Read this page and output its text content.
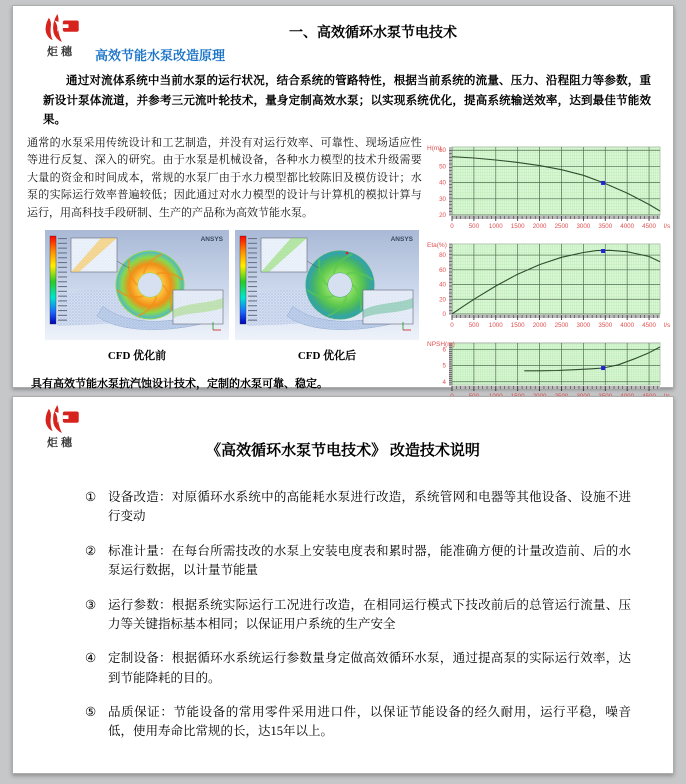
炬穗
一、高效循环水泵节电技术
高效节能水泵改造原理
通过对流体系统中当前水泵的运行状况，结合系统的管路特性，根据当前系统的流量、压力、沿程阻力等参数，重新设计泵体流道，并参考三元流叶轮技术，量身定制高效水泵；以实现系统优化，提高系统输送效率，达到最佳节能效果。
通常的水泵采用传统设计和工艺制造，并没有对运行效率、可靠性、现场适应性等进行反复、深入的研究。由于水泵是机械设备，各种水力模型的技术升级需要大量的资金和时间成本，常规的水泵厂由于水力模型都比较陈旧及模仿设计；水泵的实际运行效率普遍较低；因此通过对水力模型的设计与计算机的模拟计算与运行，用高科技手段研制、生产的产品称为高效节能水泵。
ANSYS	ANSYS
CFD 优化前	CFD 优化后
具有高效节能水泵抗汽蚀设计技术，定制的水泵可靠、稳定。
0 500 1000 1500 2000 2500 3000 3500 4000 4500 l/s
20
30
40
50
60
H(m)
0 500 1000 1500 2000 2500 3000 3500 4000 4500 l/s
0
20
40
60
80
Eta(%)
4
5
6
NPSH(m)
炬穗	《高效循环水泵节电技术》 改造技术说明
① 设备改造：对原循环水系统中的高能耗水泵进行改造，系统管网和电器等其他设备、设施不进行变动
② 标准计量：在每台所需技改的水泵上安装电度表和累时器，能准确方便的计量改造前、后的水泵运行数据，以计量节能量
③ 运行参数：根据系统实际运行工况进行改造，在相同运行模式下技改前后的总管运行流量、压力等关键指标基本相同；以保证用户系统的生产安全
④ 定制设备：根据循环水系统运行参数量身定做高效循环水泵，通过提高泵的实际运行效率，达到节能降耗的目的。
⑤ 品质保证：节能设备的常用零件采用进口件，以保证节能设备的经久耐用，运行平稳，噪音低，使用寿命比常规的长，达15年以上。
